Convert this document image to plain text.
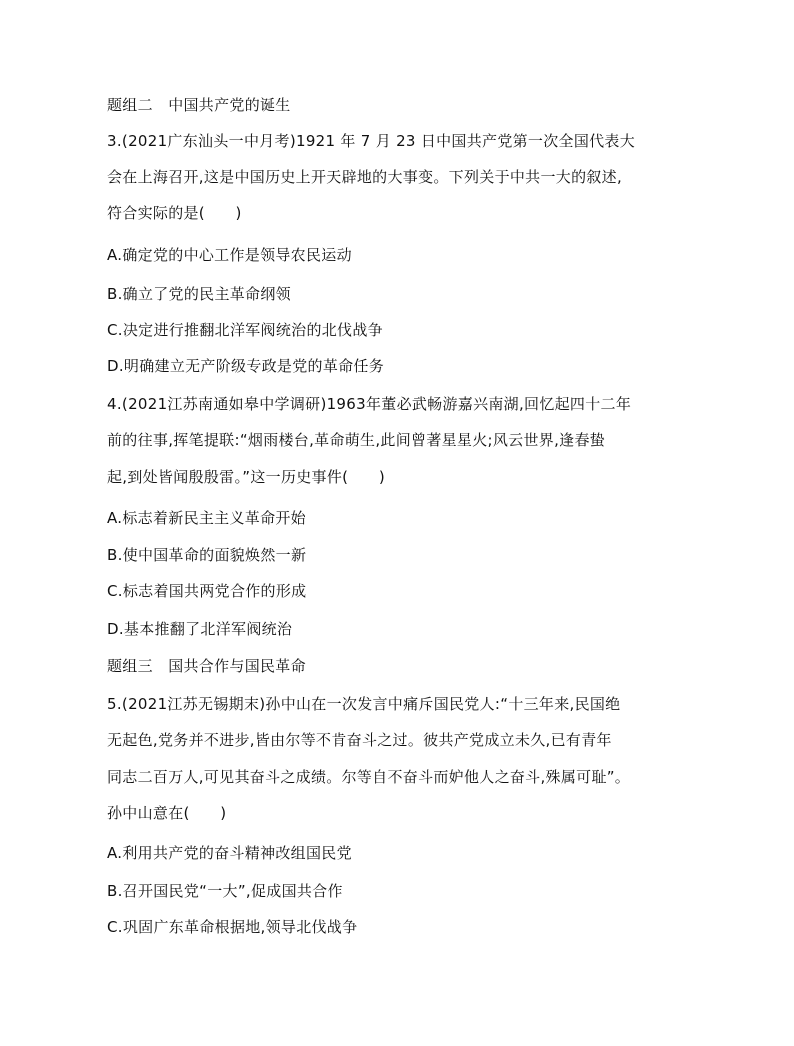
题组二　中国共产党的诞生
3.(2021广东汕头一中月考)1921 年 7 月 23 日中国共产党第一次全国代表大
会在上海召开,这是中国历史上开天辟地的大事变。下列关于中共一大的叙述,
符合实际的是(　　)
A.确定党的中心工作是领导农民运动
B.确立了党的民主革命纲领
C.决定进行推翻北洋军阀统治的北伐战争
D.明确建立无产阶级专政是党的革命任务
4.(2021江苏南通如皋中学调研)1963年董必武畅游嘉兴南湖,回忆起四十二年
前的往事,挥笔提联:“烟雨楼台,革命萌生,此间曾著星星火;风云世界,逢春蛰
起,到处皆闻殷殷雷。”这一历史事件(　　)
A.标志着新民主主义革命开始
B.使中国革命的面貌焕然一新
C.标志着国共两党合作的形成
D.基本推翻了北洋军阀统治
题组三　国共合作与国民革命
5.(2021江苏无锡期末)孙中山在一次发言中痛斥国民党人:“十三年来,民国绝
无起色,党务并不进步,皆由尔等不肯奋斗之过。彼共产党成立未久,已有青年
同志二百万人,可见其奋斗之成绩。尔等自不奋斗而妒他人之奋斗,殊属可耻”。
孙中山意在(　　)
A.利用共产党的奋斗精神改组国民党
B.召开国民党“一大”,促成国共合作
C.巩固广东革命根据地,领导北伐战争
